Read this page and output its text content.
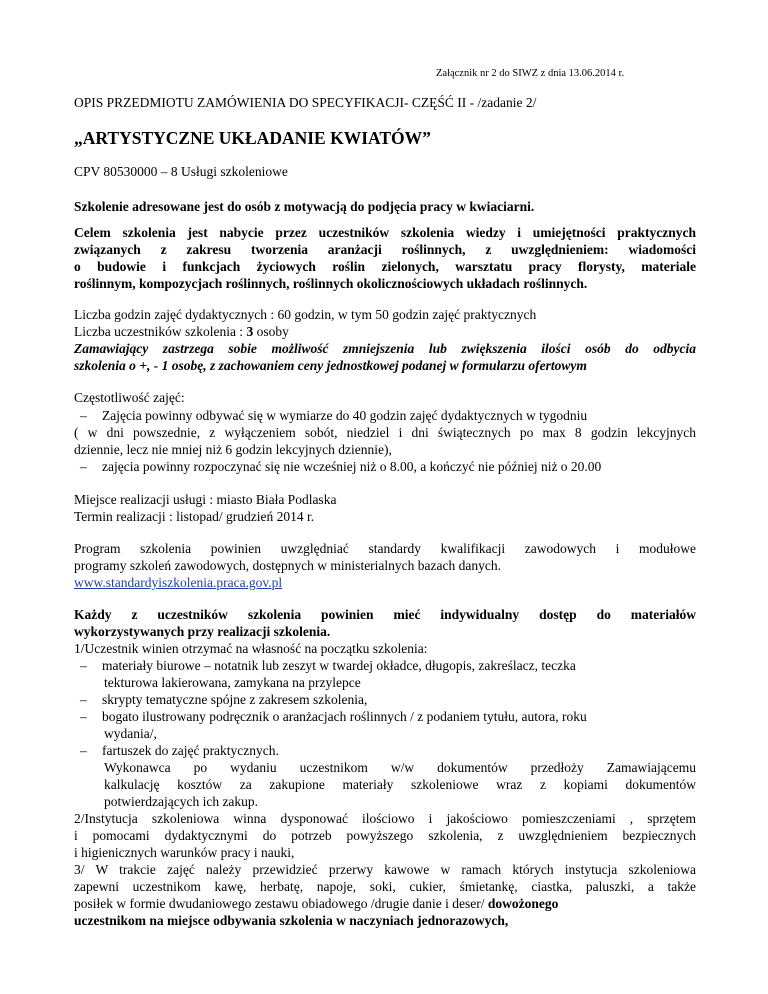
Załącznik nr 2 do SIWZ z dnia 13.06.2014 r.
OPIS PRZEDMIOTU ZAMÓWIENIA DO SPECYFIKACJI- CZĘŚĆ II - /zadanie 2/
„ARTYSTYCZNE UKŁADANIE KWIATÓW”
CPV 80530000 – 8 Usługi szkoleniowe
Szkolenie adresowane jest do osób z motywacją do podjęcia pracy w kwiaciarni.
Celem szkolenia jest nabycie przez uczestników szkolenia wiedzy i umiejętności praktycznych
związanych z zakresu tworzenia aranżacji roślinnych, z uwzględnieniem: wiadomości
o budowie i funkcjach życiowych roślin zielonych, warsztatu pracy florysty, materiale
roślinnym, kompozycjach roślinnych, roślinnych okolicznościowych układach roślinnych.
Liczba godzin zajęć dydaktycznych : 60 godzin, w tym 50 godzin zajęć praktycznych
Liczba uczestników szkolenia : 3 osoby
Zamawiający zastrzega sobie możliwość zmniejszenia lub zwiększenia ilości osób do odbycia
szkolenia o +, - 1 osobę, z zachowaniem ceny jednostkowej podanej w formularzu ofertowym
Częstotliwość zajęć:
– Zajęcia powinny odbywać się w wymiarze do 40 godzin zajęć dydaktycznych w tygodniu
( w dni powszednie, z wyłączeniem sobót, niedziel i dni świątecznych po max 8 godzin lekcyjnych
dziennie, lecz nie mniej niż 6 godzin lekcyjnych dziennie),
– zajęcia powinny rozpoczynać się nie wcześniej niż o 8.00, a kończyć nie później niż o 20.00
Miejsce realizacji usługi : miasto Biała Podlaska
Termin realizacji : listopad/ grudzień 2014 r.
Program szkolenia powinien uwzględniać standardy kwalifikacji zawodowych i modułowe
programy szkoleń zawodowych, dostępnych w ministerialnych bazach danych.
www.standardyiszkolenia.praca.gov.pl
Każdy z uczestników szkolenia powinien mieć indywidualny dostęp do materiałów
wykorzystywanych przy realizacji szkolenia.
1/Uczestnik winien otrzymać na własność na początku szkolenia:
– materiały biurowe – notatnik lub zeszyt w twardej okładce, długopis, zakreślacz, teczka
tekturowa lakierowana, zamykana na przylepce
– skrypty tematyczne spójne z zakresem szkolenia,
– bogato ilustrowany podręcznik o aranżacjach roślinnych / z podaniem tytułu, autora, roku
wydania/,
– fartuszek do zajęć praktycznych.
Wykonawca po wydaniu uczestnikom w/w dokumentów przedłoży Zamawiającemu
kalkulację kosztów za zakupione materiały szkoleniowe wraz z kopiami dokumentów
potwierdzających ich zakup.
2/Instytucja szkoleniowa winna dysponować ilościowo i jakościowo pomieszczeniami , sprzętem
i pomocami dydaktycznymi do potrzeb powyższego szkolenia, z uwzględnieniem bezpiecznych
i higienicznych warunków pracy i nauki,
3/ W trakcie zajęć należy przewidzieć przerwy kawowe w ramach których instytucja szkoleniowa
zapewni uczestnikom kawę, herbatę, napoje, soki, cukier, śmietankę, ciastka, paluszki, a także
posiłek w formie dwudaniowego zestawu obiadowego /drugie danie i deser/ dowożonego
uczestnikom na miejsce odbywania szkolenia w naczyniach jednorazowych,
